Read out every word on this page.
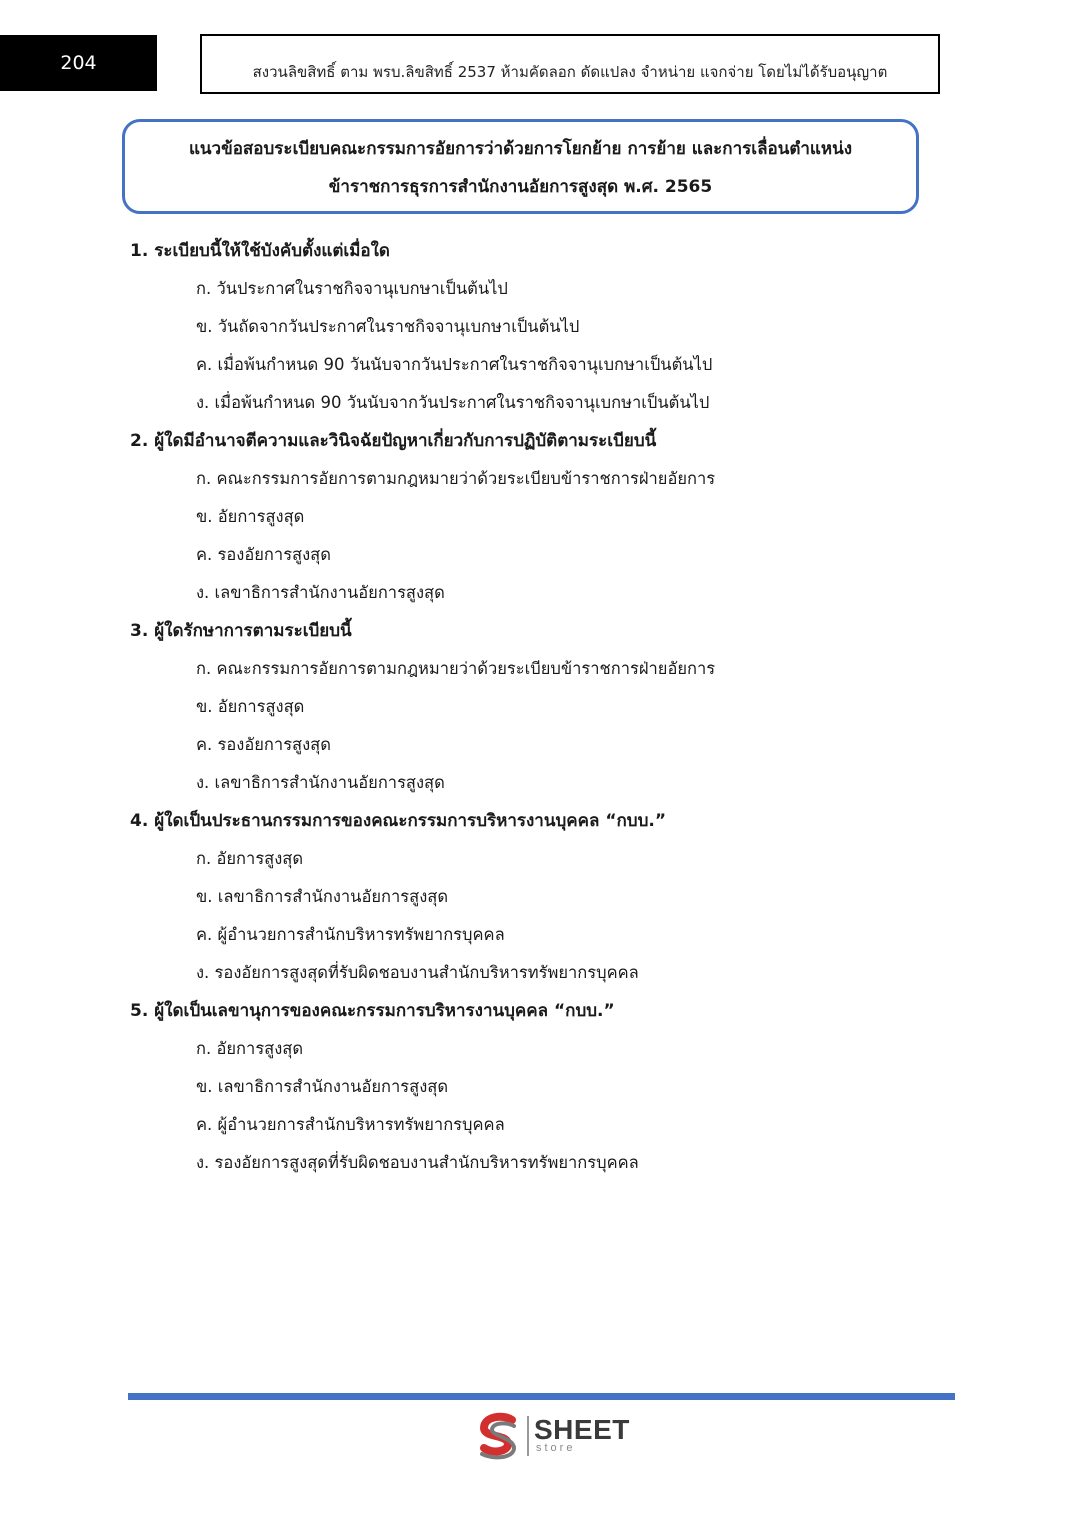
204	สงวนลิขสิทธิ์ ตาม พรบ.ลิขสิทธิ์ 2537 ห้ามคัดลอก ดัดแปลง จำหน่าย แจกจ่าย โดยไม่ได้รับอนุญาต
แนวข้อสอบระเบียบคณะกรรมการอัยการว่าด้วยการโยกย้าย การย้าย และการเลื่อนตำแหน่ง
ข้าราชการธุรการสำนักงานอัยการสูงสุด พ.ศ. 2565
1. ระเบียบนี้ให้ใช้บังคับตั้งแต่เมื่อใด
ก. วันประกาศในราชกิจจานุเบกษาเป็นต้นไป
ข. วันถัดจากวันประกาศในราชกิจจานุเบกษาเป็นต้นไป
ค. เมื่อพ้นกำหนด 90 วันนับจากวันประกาศในราชกิจจานุเบกษาเป็นต้นไป
ง. เมื่อพ้นกำหนด 90 วันนับจากวันประกาศในราชกิจจานุเบกษาเป็นต้นไป
2. ผู้ใดมีอำนาจตีความและวินิจฉัยปัญหาเกี่ยวกับการปฏิบัติตามระเบียบนี้
ก. คณะกรรมการอัยการตามกฎหมายว่าด้วยระเบียบข้าราชการฝ่ายอัยการ
ข. อัยการสูงสุด
ค. รองอัยการสูงสุด
ง. เลขาธิการสำนักงานอัยการสูงสุด
3. ผู้ใดรักษาการตามระเบียบนี้
ก. คณะกรรมการอัยการตามกฎหมายว่าด้วยระเบียบข้าราชการฝ่ายอัยการ
ข. อัยการสูงสุด
ค. รองอัยการสูงสุด
ง. เลขาธิการสำนักงานอัยการสูงสุด
4. ผู้ใดเป็นประธานกรรมการของคณะกรรมการบริหารงานบุคคล “กบบ.”
ก. อัยการสูงสุด
ข. เลขาธิการสำนักงานอัยการสูงสุด
ค. ผู้อำนวยการสำนักบริหารทรัพยากรบุคคล
ง. รองอัยการสูงสุดที่รับผิดชอบงานสำนักบริหารทรัพยากรบุคคล
5. ผู้ใดเป็นเลขานุการของคณะกรรมการบริหารงานบุคคล “กบบ.”
ก. อัยการสูงสุด
ข. เลขาธิการสำนักงานอัยการสูงสุด
ค. ผู้อำนวยการสำนักบริหารทรัพยากรบุคคล
ง. รองอัยการสูงสุดที่รับผิดชอบงานสำนักบริหารทรัพยากรบุคคล
SHEET
store
